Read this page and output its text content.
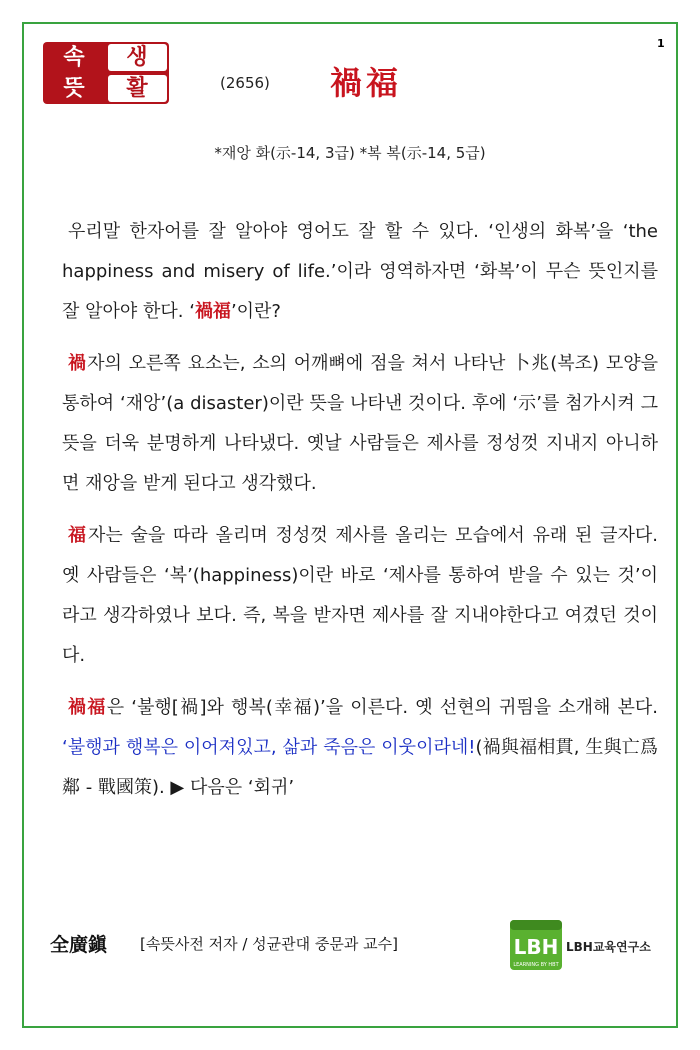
1
속	생
뜻	활	(2656) 禍福
*재앙 화(示-14, 3급) *복 복(示-14, 5급)

우리말 한자어를 잘 알아야 영어도 잘 할 수 있다. ‘인생의 화복’을 ‘the happiness and misery of life.’이라 영역하자면 ‘화복’이 무슨 뜻인지를 잘 알아야 한다. ‘禍福’이란?

禍자의 오른쪽 요소는, 소의 어깨뼈에 점을 쳐서 나타난 卜兆(복조) 모양을 통하여 ‘재앙’(a disaster)이란 뜻을 나타낸 것이다. 후에 ‘示’를 첨가시켜 그 뜻을 더욱 분명하게 나타냈다. 옛날 사람들은 제사를 정성껏 지내지 아니하면 재앙을 받게 된다고 생각했다.

福자는 술을 따라 올리며 정성껏 제사를 올리는 모습에서 유래 된 글자다. 옛 사람들은 ‘복’(happiness)이란 바로 ‘제사를 통하여 받을 수 있는 것’이라고 생각하였나 보다. 즉, 복을 받자면 제사를 잘 지내야한다고 여겼던 것이다.

禍福은 ‘불행[禍]와 행복(幸福)’을 이른다. 옛 선현의 귀띔을 소개해 본다. ‘불행과 행복은 이어져있고, 삶과 죽음은 이웃이라네!(禍與福相貫, 生與亡爲鄰 - 戰國策). ▶ 다음은 ‘회귀’

全廣鎭 [속뜻사전 저자 / 성균관대 중문과 교수]	LBH
LEARNING BY HBT
LBH교육연구소
